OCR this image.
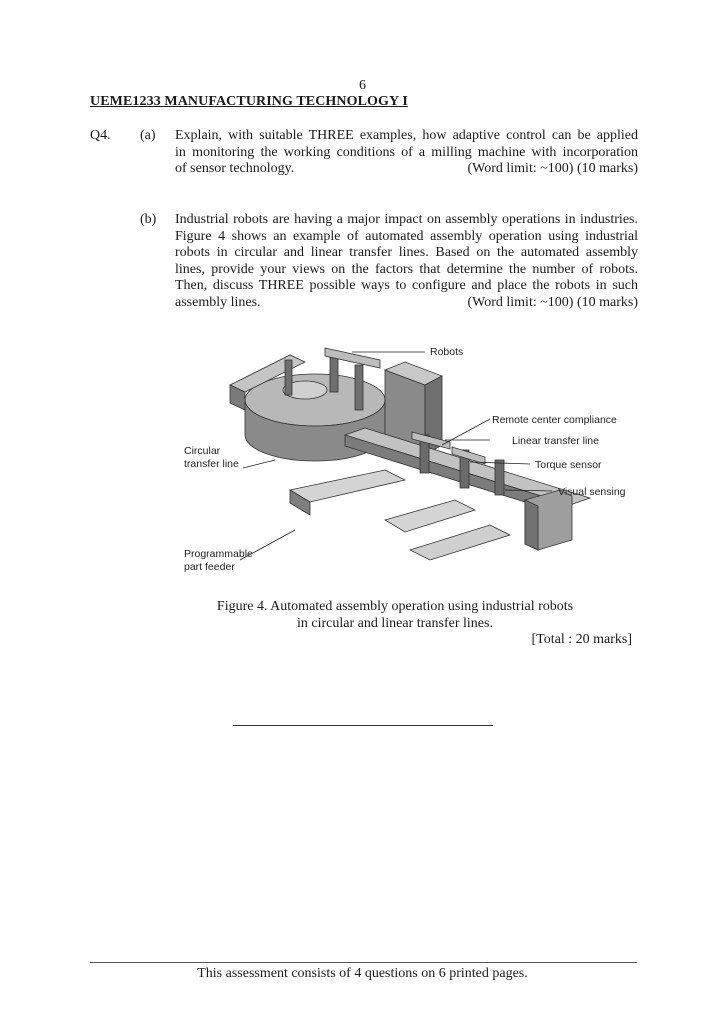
6
UEME1233 MANUFACTURING TECHNOLOGY I
Q4. (a) Explain, with suitable THREE examples, how adaptive control can be applied
in monitoring the working conditions of a milling machine with incorporation
of sensor technology.	(Word limit: ~100) (10 marks)
(b) Industrial robots are having a major impact on assembly operations in industries.
Figure 4 shows an example of automated assembly operation using industrial
robots in circular and linear transfer lines. Based on the automated assembly
lines, provide your views on the factors that determine the number of robots.
Then, discuss THREE possible ways to configure and place the robots in such
assembly lines.	(Word limit: ~100) (10 marks)
Robots
Remote center compliance
Linear transfer line
Torque sensor
Visual sensing
Circular
transfer line
Programmable
part feeder
Figure 4. Automated assembly operation using industrial robots
in circular and linear transfer lines.
[Total : 20 marks]
This assessment consists of 4 questions on 6 printed pages.
